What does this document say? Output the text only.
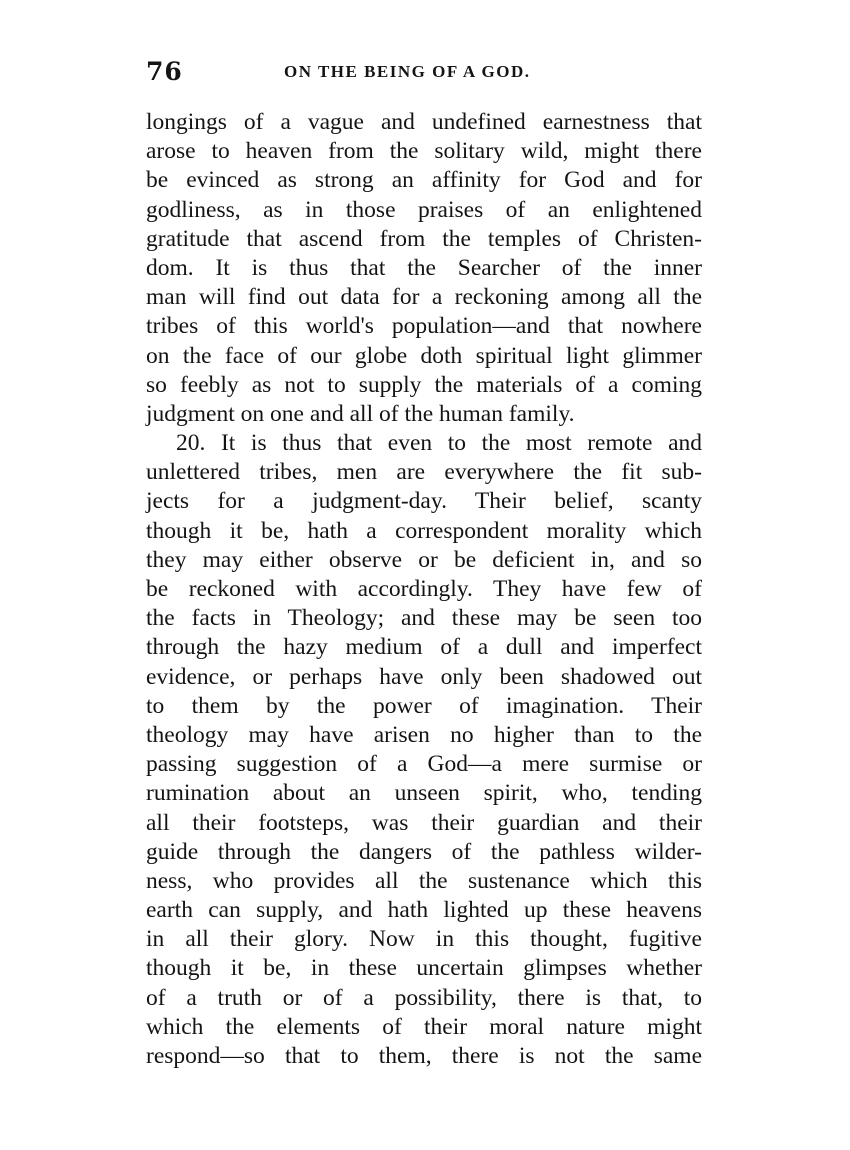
76	ON THE BEING OF A GOD.
longings of a vague and undefined earnestness that
arose to heaven from the solitary wild, might there
be evinced as strong an affinity for God and for
godliness, as in those praises of an enlightened
gratitude that ascend from the temples of Christen-
dom. It is thus that the Searcher of the inner
man will find out data for a reckoning among all the
tribes of this world's population—and that nowhere
on the face of our globe doth spiritual light glimmer
so feebly as not to supply the materials of a coming
judgment on one and all of the human family.
20. It is thus that even to the most remote and
unlettered tribes, men are everywhere the fit sub-
jects for a judgment-day. Their belief, scanty
though it be, hath a correspondent morality which
they may either observe or be deficient in, and so
be reckoned with accordingly. They have few of
the facts in Theology; and these may be seen too
through the hazy medium of a dull and imperfect
evidence, or perhaps have only been shadowed out
to them by the power of imagination. Their
theology may have arisen no higher than to the
passing suggestion of a God—a mere surmise or
rumination about an unseen spirit, who, tending
all their footsteps, was their guardian and their
guide through the dangers of the pathless wilder-
ness, who provides all the sustenance which this
earth can supply, and hath lighted up these heavens
in all their glory. Now in this thought, fugitive
though it be, in these uncertain glimpses whether
of a truth or of a possibility, there is that, to
which the elements of their moral nature might
respond—so that to them, there is not the same
